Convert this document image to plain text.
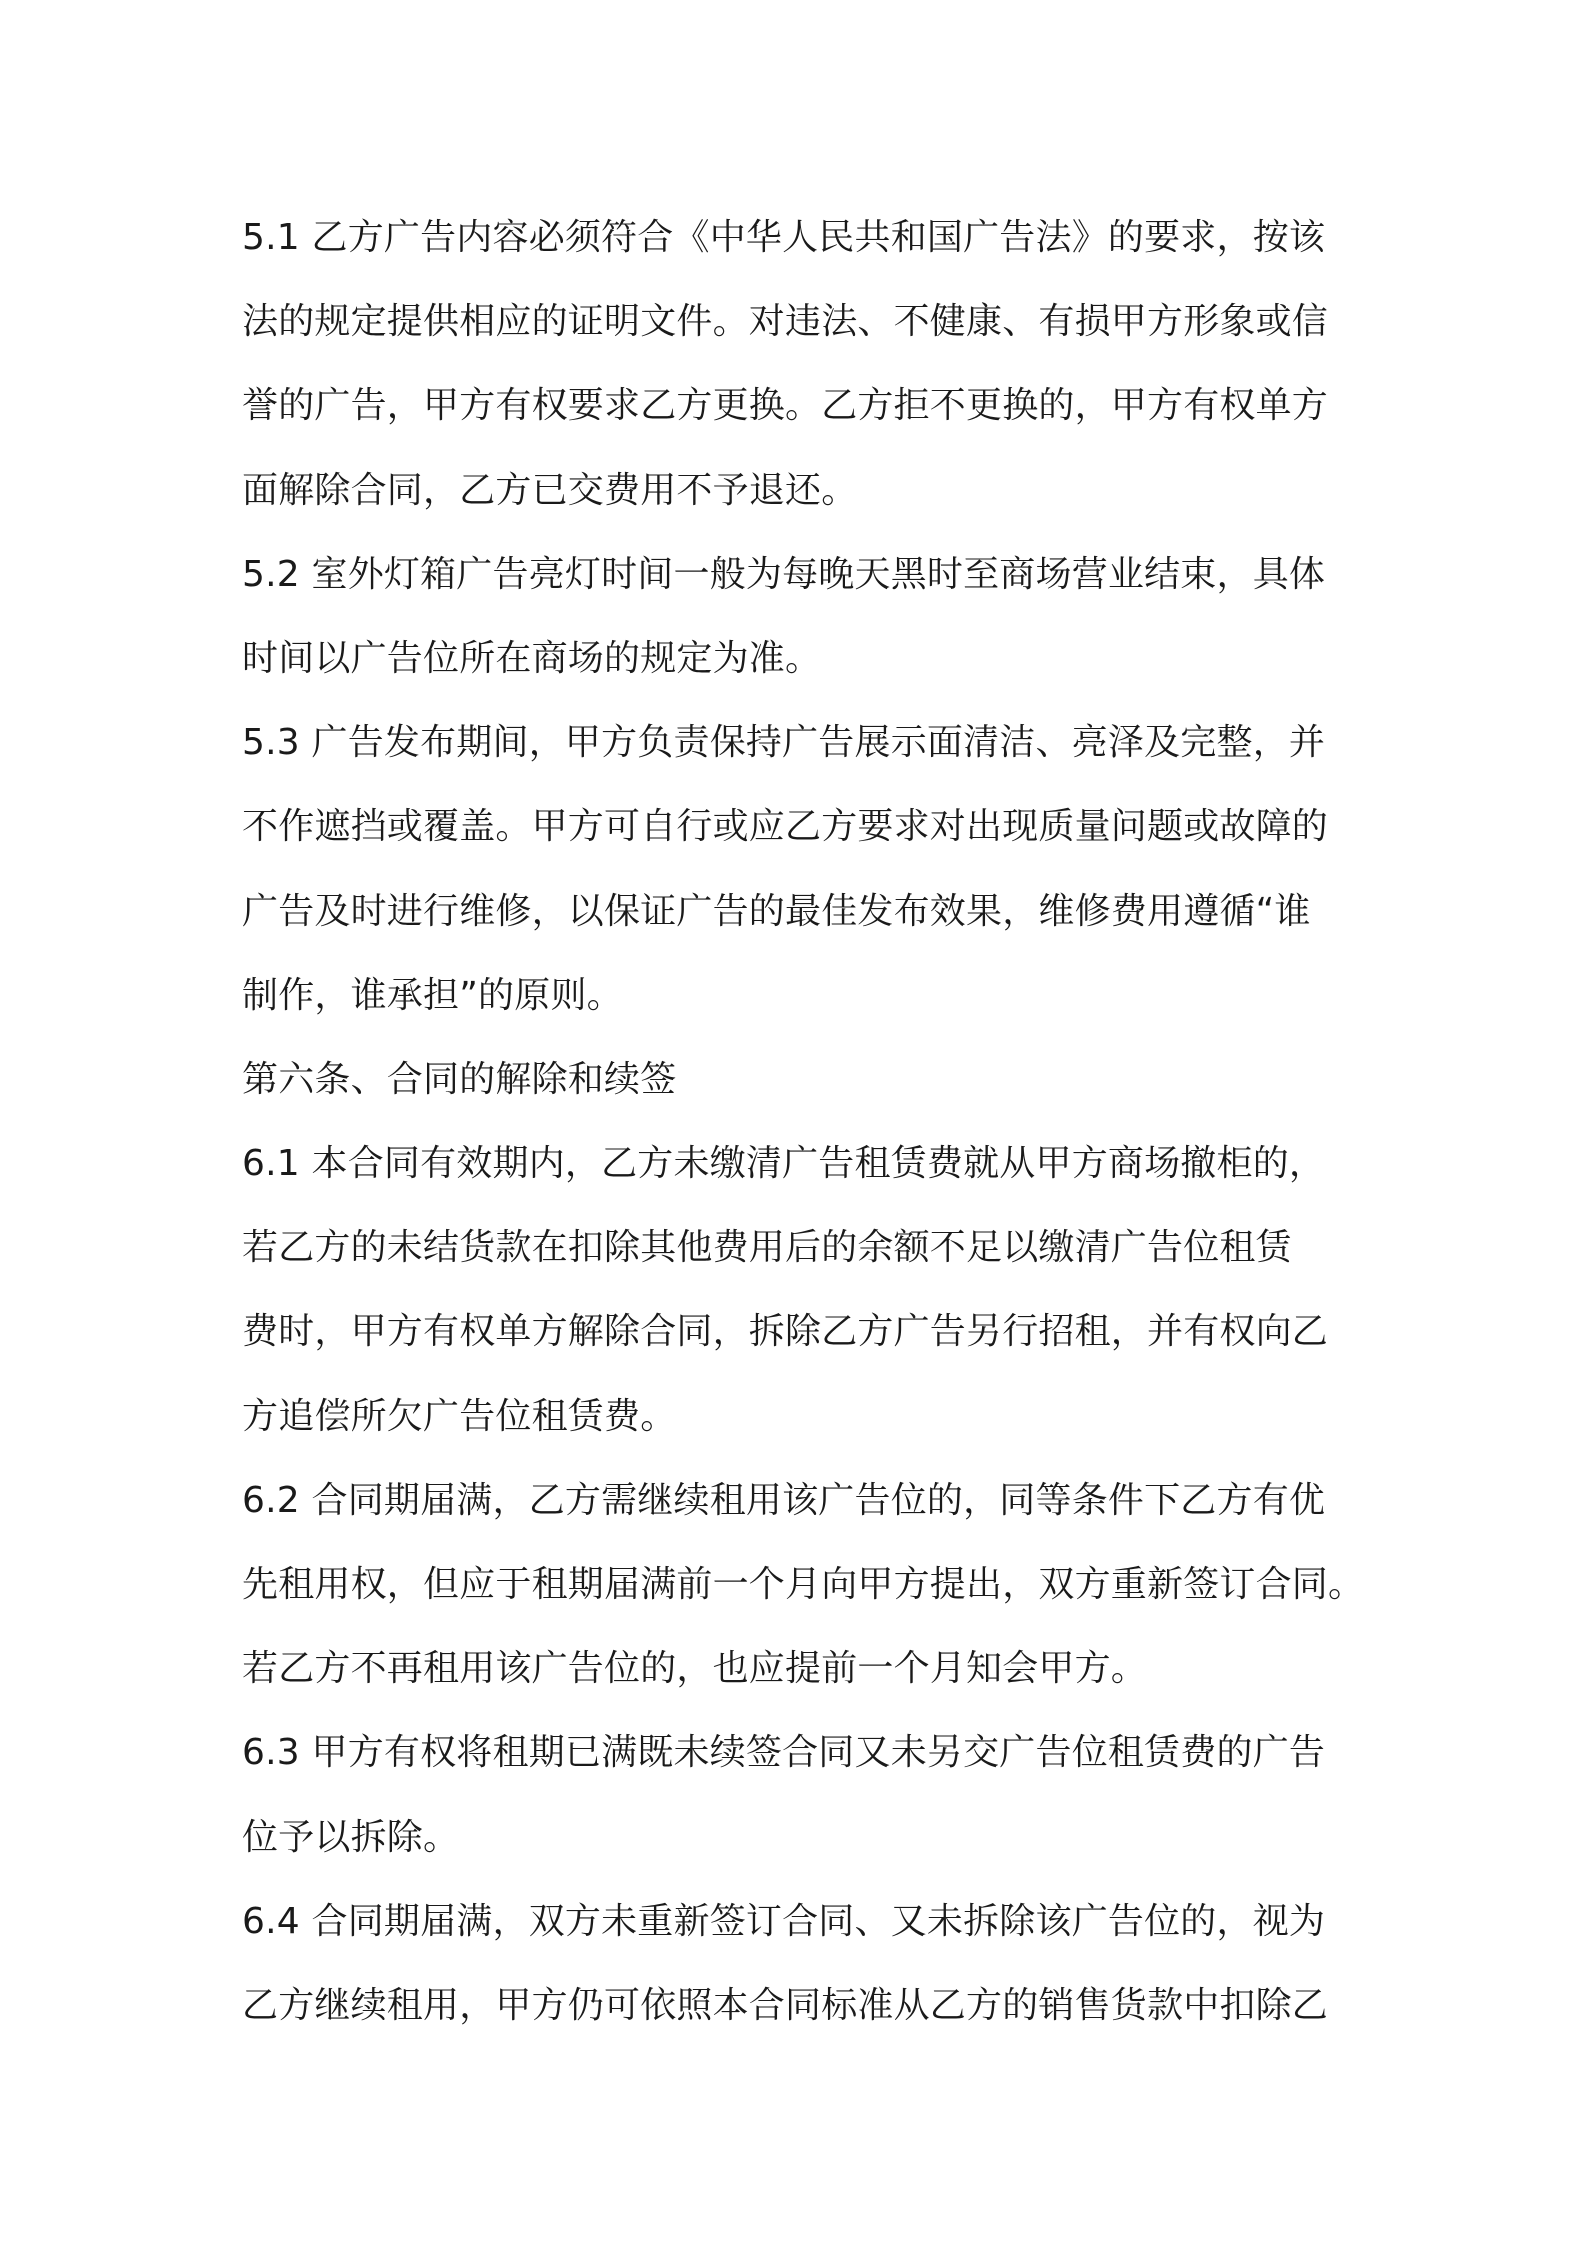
5.1 乙方广告内容必须符合《中华人民共和国广告法》的要求，按该
法的规定提供相应的证明文件。对违法、不健康、有损甲方形象或信
誉的广告，甲方有权要求乙方更换。乙方拒不更换的，甲方有权单方
面解除合同，乙方已交费用不予退还。
5.2 室外灯箱广告亮灯时间一般为每晚天黑时至商场营业结束，具体
时间以广告位所在商场的规定为准。
5.3 广告发布期间，甲方负责保持广告展示面清洁、亮泽及完整，并
不作遮挡或覆盖。甲方可自行或应乙方要求对出现质量问题或故障的
广告及时进行维修，以保证广告的最佳发布效果，维修费用遵循“谁
制作，谁承担”的原则。
第六条、合同的解除和续签
6.1 本合同有效期内，乙方未缴清广告租赁费就从甲方商场撤柜的，
若乙方的未结货款在扣除其他费用后的余额不足以缴清广告位租赁
费时，甲方有权单方解除合同，拆除乙方广告另行招租，并有权向乙
方追偿所欠广告位租赁费。
6.2 合同期届满，乙方需继续租用该广告位的，同等条件下乙方有优
先租用权，但应于租期届满前一个月向甲方提出，双方重新签订合同。
若乙方不再租用该广告位的，也应提前一个月知会甲方。
6.3 甲方有权将租期已满既未续签合同又未另交广告位租赁费的广告
位予以拆除。
6.4 合同期届满，双方未重新签订合同、又未拆除该广告位的，视为
乙方继续租用，甲方仍可依照本合同标准从乙方的销售货款中扣除乙
